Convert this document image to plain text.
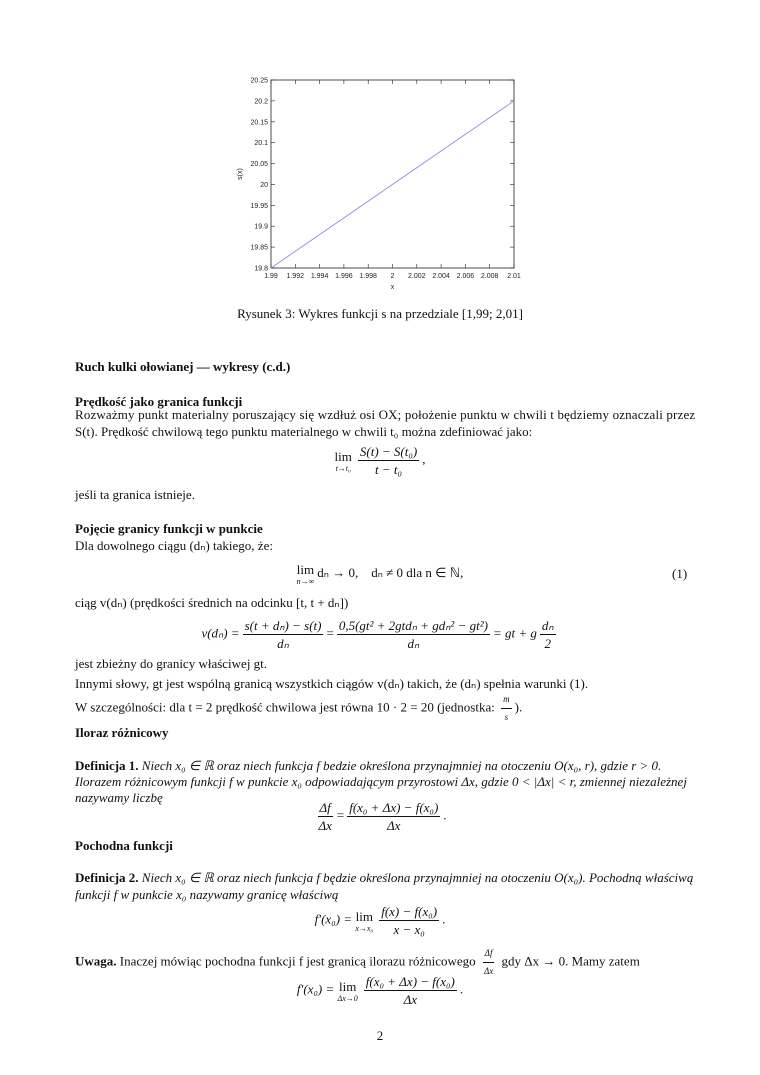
1.99 1.992 1.994 1.996 1.998 2 2.002 2.004 2.006 2.008 2.01
19.8
19.85
19.9
19.95
20
20.05
20.1
20.15
20.2
20.25
x
s(x)
Rysunek 3: Wykres funkcji s na przedziale [1,99; 2,01]
Ruch kulki ołowianej — wykresy (c.d.)
Prędkość jako granica funkcji
Rozważmy punkt materialny poruszający się wzdłuż osi OX; położenie punktu w chwili t będziemy oznaczali przez
S(t). Prędkość chwilową tego punktu materialnego w chwili t₀ można zdefiniować jako:
lim
$t\to t_0 \frac{\text{S(t) − S(t₀)}}{\text{t − t₀}}$ ,
jeśli ta granica istnieje.
Pojęcie granicy funkcji w punkcie
Dla dowolnego ciągu (dₙ) takiego, że:
lim
n→∞
dₙ → 0,    dₙ ≠ 0 dla n ∈ ℕ,	(1)
ciąg v(dₙ) (prędkości średnich na odcinku [t, t + dₙ])
$v(d_n) = \frac{\text{s(t + dₙ) − s(t)}}{\text{dₙ}} = 0,5(gt^2 + 2gtd_n + gd_n^2 - gt^2)$
dₙ
= gt + g $\frac{\text{dₙ}}{2}$
jest zbieżny do granicy właściwej gt.
Innymi słowy, gt jest wspólną granicą wszystkich ciągów v(dₙ) takich, że (dₙ) spełnia warunki (1).
W szczególności: dla t = 2 prędkość chwilowa jest równa 10 · 2 = 20 (jednostka: $\frac{m}{s}$ ).
Iloraz różnicowy
Definicja 1. Niech x₀ ∈ ℝ oraz niech funkcja f bedzie określona przynajmniej na otoczeniu O(x₀, r), gdzie r > 0.
Ilorazem różnicowym funkcji f w punkcie x₀ odpowiadającym przyrostowi Δx, gdzie 0 < |Δx| < r, zmiennej niezależnej
nazywamy liczbę
$\frac{\Delta f}{\Delta x} = \frac{\text{f(x₀ + Δx) − f(x₀)}}{\Delta x}$ .
Pochodna funkcji
Definicja 2. Niech x₀ ∈ ℝ oraz niech funkcja f będzie określona przynajmniej na otoczeniu O(x₀). Pochodną właściwą
funkcji f w punkcie x₀ nazywamy granicę właściwą
f′(x₀) = lim
$x\to x_0 \frac{\text{f(x) − f(x₀)}}{\text{x − x₀}}$ .
Uwaga. Inaczej mówiąc pochodna funkcji f jest granicą ilorazu różnicowego $\frac{\Delta f}{\Delta x}$ gdy Δx → 0. Mamy zatem
f′(x₀) = lim
$\Delta x\to 0 \frac{\text{f(x₀ + Δx) − f(x₀)}}{\Delta x}$ .
2
